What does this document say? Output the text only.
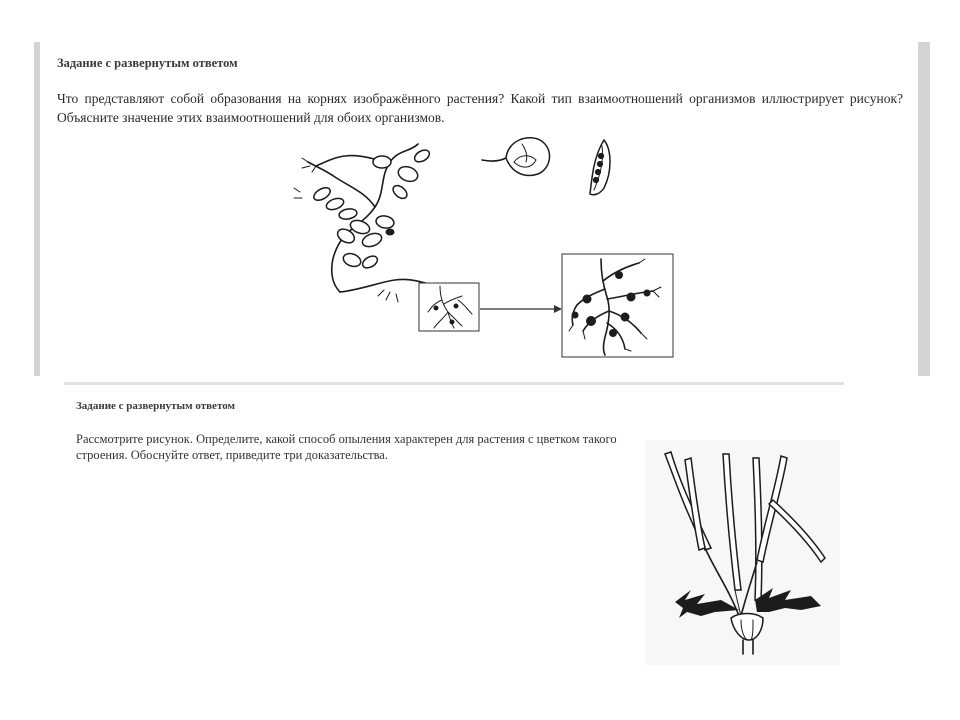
Задание с развернутым ответом
Что представляют собой образования на корнях изображённого растения? Какой тип взаимоотношений организмов иллюстрирует рисунок? Объясните значение этих взаимоотношений для обоих организмов.
Задание с развернутым ответом
Рассмотрите рисунок. Определите, какой способ опыления характерен для растения с цветком такого строения. Обоснуйте ответ, приведите три доказательства.
